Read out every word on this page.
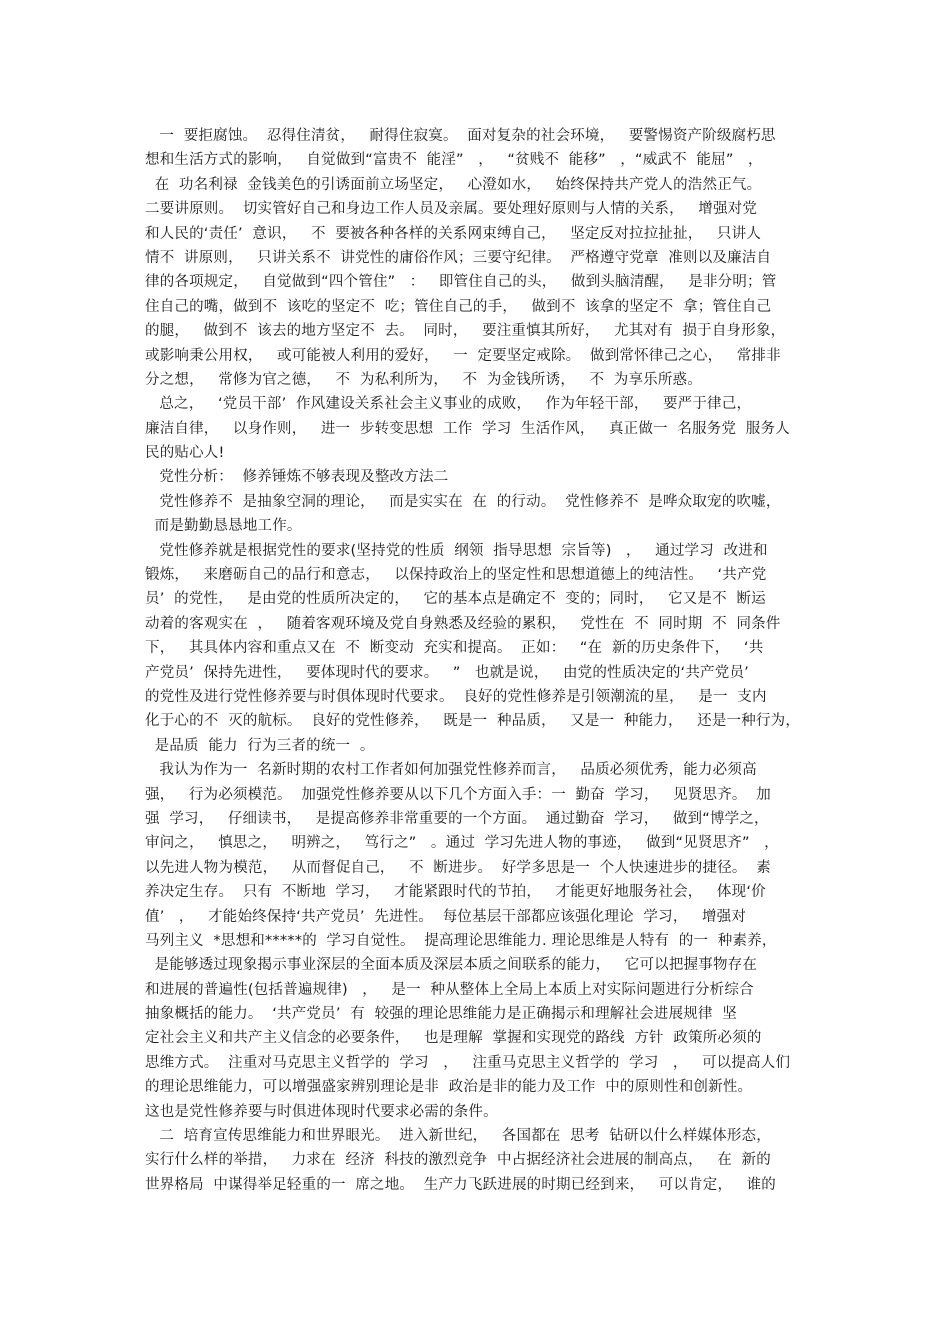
一  要拒腐蚀。  忍得住清贫，   耐得住寂寞。  面对复杂的社会环境，   要警惕资产阶级腐朽思
想和生活方式的影响，   自觉做到“富贵不  能淫”   ，   “贫贱不  能移”   ，“威武不  能屈”   ，
在  功名利禄  金钱美色的引诱面前立场坚定，   心澄如水，   始终保持共产党人的浩然正气。
二要讲原则。  切实管好自己和身边工作人员及亲属。要处理好原则与人情的关系，   增强对党
和人民的‘责任’  意识，   不  要被各种各样的关系网束缚自己，   坚定反对拉拉扯扯，   只讲人
情不  讲原则，   只讲关系不  讲党性的庸俗作风；三要守纪律。  严格遵守党章  准则以及廉洁自
律的各项规定，   自觉做到“四个管住”   ：   即管住自己的头，   做到头脑清醒，   是非分明；管
住自己的嘴，做到不  该吃的坚定不  吃；管住自己的手，   做到不  该拿的坚定不  拿；管住自己
的腿，   做到不  该去的地方坚定不  去。  同时，   要注重慎其所好，   尤其对有  损于自身形象，
或影响秉公用权，   或可能被人利用的爱好，   一  定要坚定戒除。  做到常怀律己之心，   常排非
分之想，   常修为官之德，   不  为私利所为，   不  为金钱所诱，   不  为享乐所惑。
总之，   ‘党员干部’  作风建设关系社会主义事业的成败，   作为年轻干部，   要严于律己，
廉洁自律，   以身作则，   进一  步转变思想  工作  学习  生活作风，   真正做一  名服务党  服务人
民的贴心人!
党性分析：  修养锤炼不够表现及整改方法二
党性修养不  是抽象空洞的理论，   而是实实在  在  的行动。  党性修养不  是哗众取宠的吹嘘，
而是勤勤恳恳地工作。
党性修养就是根据党性的要求(坚持党的性质  纲领  指导思想  宗旨等)   ，   通过学习  改进和
锻炼，   来磨砺自己的品行和意志，   以保持政治上的坚定性和思想道德上的纯洁性。   ‘共产党
员’  的党性，   是由党的性质所决定的，   它的基本点是确定不  变的；同时，   它又是不  断运
动着的客观实在  ，   随着客观环境及党自身熟悉及经验的累积，   党性在  不  同时期  不  同条件
下，   其具体内容和重点又在  不  断变动  充实和提高。  正如：   “在  新的历史条件下，   ‘共
产党员’  保持先进性，   要体现时代的要求。   ”   也就是说，   由党的性质决定的‘共产党员’
的党性及进行党性修养要与时俱体现时代要求。  良好的党性修养是引领潮流的星，   是一  支内
化于心的不  灭的航标。  良好的党性修养，   既是一  种品质，   又是一  种能力，   还是一种行为，
是品质  能力  行为三者的统一  。
我认为作为一  名新时期的农村工作者如何加强党性修养而言，   品质必须优秀，能力必须高
强，   行为必须模范。  加强党性修养要从以下几个方面入手：一  勤奋  学习，   见贤思齐。  加
强  学习，   仔细读书，   是提高修养非常重要的一个方面。  通过勤奋  学习，   做到“博学之，
审问之，   慎思之，   明辨之，   笃行之”   。通过  学习先进人物的事迹，   做到“见贤思齐”   ，
以先进人物为模范，   从而督促自己，   不  断进步。  好学多思是一  个人快速进步的捷径。  素
养决定生存。  只有  不断地  学习，   才能紧跟时代的节拍，   才能更好地服务社会，   体现‘价
值’   ，   才能始终保持‘共产党员’  先进性。  每位基层干部都应该强化理论  学习，   增强对
马列主义  *思想和*****的  学习自觉性。  提高理论思维能力. 理论思维是人特有  的一  种素养，
是能够透过现象揭示事业深层的全面本质及深层本质之间联系的能力，   它可以把握事物存在
和进展的普遍性(包括普遍规律)   ，   是一  种从整体上全局上本质上对实际问题进行分析综合
抽象概括的能力。  ‘共产党员’  有  较强的理论思维能力是正确揭示和理解社会进展规律  坚
定社会主义和共产主义信念的必要条件，   也是理解  掌握和实现党的路线  方针  政策所必须的
思维方式。  注重对马克思主义哲学的  学习   ，   注重马克思主义哲学的  学习   ，   可以提高人们
的理论思维能力，可以增强盛家辨别理论是非  政治是非的能力及工作  中的原则性和创新性。
这也是党性修养要与时俱进体现时代要求必需的条件。
二  培育宣传思维能力和世界眼光。  进入新世纪，   各国都在  思考  钻研以什么样媒体形态，
实行什么样的举措，   力求在  经济  科技的激烈竞争  中占据经济社会进展的制高点，   在  新的
世界格局  中谋得举足轻重的一  席之地。  生产力飞跃进展的时期已经到来，   可以肯定，   谁的
